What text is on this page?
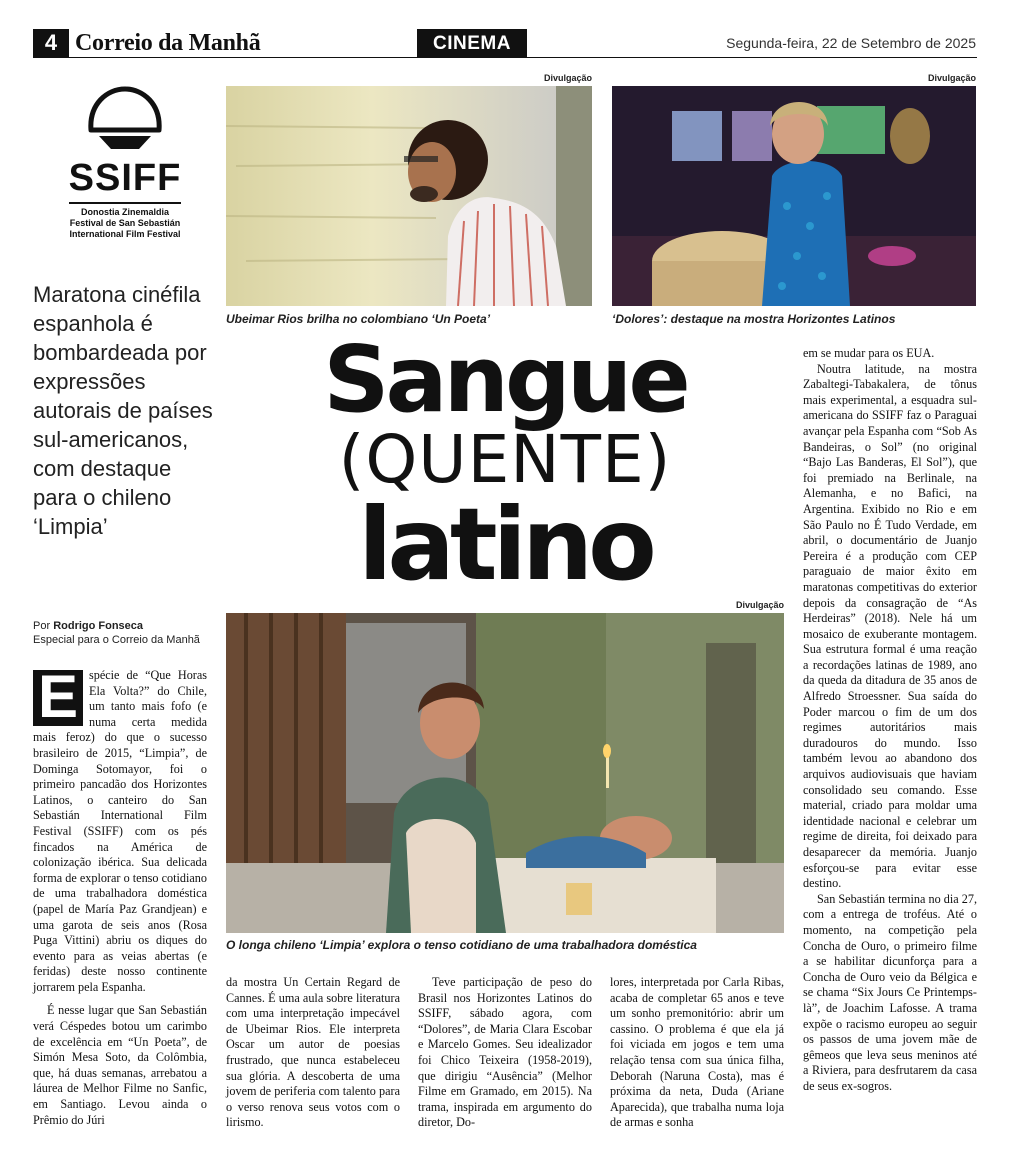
4 Correio da Manhã	CINEMA	Segunda-feira, 22 de Setembro de 2025
SSIFF
Donostia Zinemaldia
Festival de San Sebastián
International Film Festival
Maratona cinéfila espanhola é bombardeada por expressões autorais de países sul-americanos, com destaque para o chileno ‘Limpia’
Por Rodrigo Fonseca
Especial para o Correio da Manhã
Divulgação
Ubeimar Rios brilha no colombiano ‘Un Poeta’
Divulgação
‘Dolores’: destaque na mostra Horizontes Latinos
Sangue
(QUENTE)
latino
Divulgação
O longa chileno ‘Limpia’ explora o tenso cotidiano de uma trabalhadora doméstica

E spécie de “Que Horas Ela Volta?” do Chile, um tanto mais fofo (e numa certa medida mais feroz) do que o sucesso brasileiro de 2015, “Limpia”, de Dominga Sotomayor, foi o primeiro pancadão dos Horizontes Latinos, o canteiro do San Sebastián International Film Festival (SSIFF) com os pés fincados na América de colonização ibérica. Sua delicada forma de explorar o tenso cotidiano de uma trabalhadora doméstica (papel de María Paz Grandjean) e uma garota de seis anos (Rosa Puga Vittini) abriu os diques do evento para as veias abertas (e feridas) deste nosso continente jorrarem pela Espanha.

É nesse lugar que San Sebastián verá Céspedes botou um carimbo de excelência em “Un Poeta”, de Simón Mesa Soto, da Colômbia, que, há duas semanas, arrebatou a láurea de Melhor Filme no Sanfic, em Santiago. Levou ainda o Prêmio do Júri

da mostra Un Certain Regard de Cannes. É uma aula sobre literatura com uma interpretação impecável de Ubeimar Rios. Ele interpreta Oscar um autor de poesias frustrado, que nunca estabeleceu sua glória. A descoberta de uma jovem de periferia com talento para o verso renova seus votos com o lirismo.

Teve participação de peso do Brasil nos Horizontes Latinos do SSIFF, sábado agora, com “Dolores”, de Maria Clara Escobar e Marcelo Gomes. Seu idealizador foi Chico Teixeira (1958-2019), que dirigiu “Ausência” (Melhor Filme em Gramado, em 2015). Na trama, inspirada em argumento do diretor, Do-

lores, interpretada por Carla Ribas, acaba de completar 65 anos e teve um sonho premonitório: abrir um cassino. O problema é que ela já foi viciada em jogos e tem uma relação tensa com sua única filha, Deborah (Naruna Costa), mas é próxima da neta, Duda (Ariane Aparecida), que trabalha numa loja de armas e sonha

em se mudar para os EUA.

Noutra latitude, na mostra Zabaltegi-Tabakalera, de tônus mais experimental, a esquadra sul-americana do SSIFF faz o Paraguai avançar pela Espanha com “Sob As Bandeiras, o Sol” (no original “Bajo Las Banderas, El Sol”), que foi premiado na Berlinale, na Alemanha, e no Bafici, na Argentina. Exibido no Rio e em São Paulo no É Tudo Verdade, em abril, o documentário de Juanjo Pereira é a produção com CEP paraguaio de maior êxito em maratonas competitivas do exterior depois da consagração de “As Herdeiras” (2018). Nele há um mosaico de exuberante montagem. Sua estrutura formal é uma reação a recordações latinas de 1989, ano da queda da ditadura de 35 anos de Alfredo Stroessner. Sua saída do Poder marcou o fim de um dos regimes autoritários mais duradouros do mundo. Isso também levou ao abandono dos arquivos audiovisuais que haviam consolidado seu comando. Esse material, criado para moldar uma identidade nacional e celebrar um regime de direita, foi deixado para desaparecer da memória. Juanjo esforçou-se para evitar esse destino.

San Sebastián termina no dia 27, com a entrega de troféus. Até o momento, na competição pela Concha de Ouro, o primeiro filme a se habilitar dicunforça para a Concha de Ouro veio da Bélgica e se chama “Six Jours Ce Printemps-là”, de Joachim Lafosse. A trama expõe o racismo europeu ao seguir os passos de uma jovem mãe de gêmeos que leva seus meninos até a Riviera, para desfrutarem da casa de seus ex-sogros.
